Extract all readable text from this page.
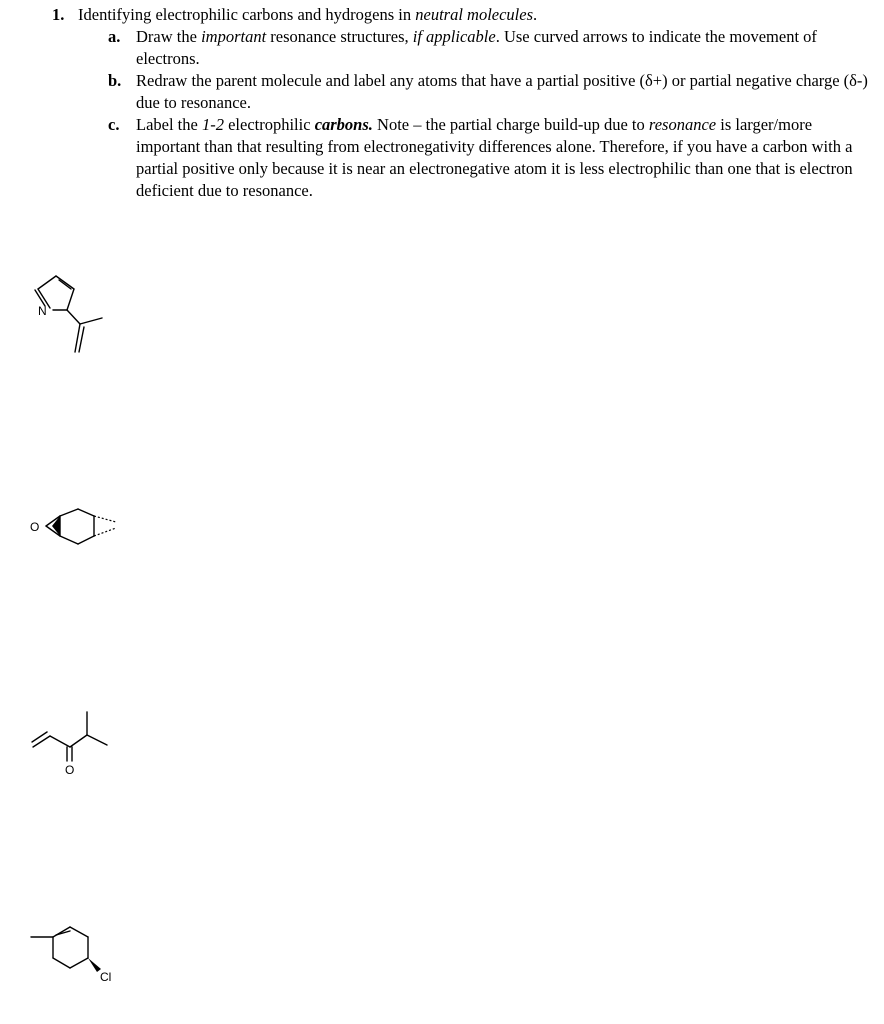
1. Identifying electrophilic carbons and hydrogens in neutral molecules.
a. Draw the important resonance structures, if applicable. Use curved arrows to indicate the movement of electrons.
b. Redraw the parent molecule and label any atoms that have a partial positive (δ+) or partial negative charge (δ-) due to resonance.
c. Label the 1-2 electrophilic carbons. Note – the partial charge build-up due to resonance is larger/more important than that resulting from electronegativity differences alone. Therefore, if you have a carbon with a partial positive only because it is near an electronegative atom it is less electrophilic than one that is electron deficient due to resonance.
N
O
O
Cl
